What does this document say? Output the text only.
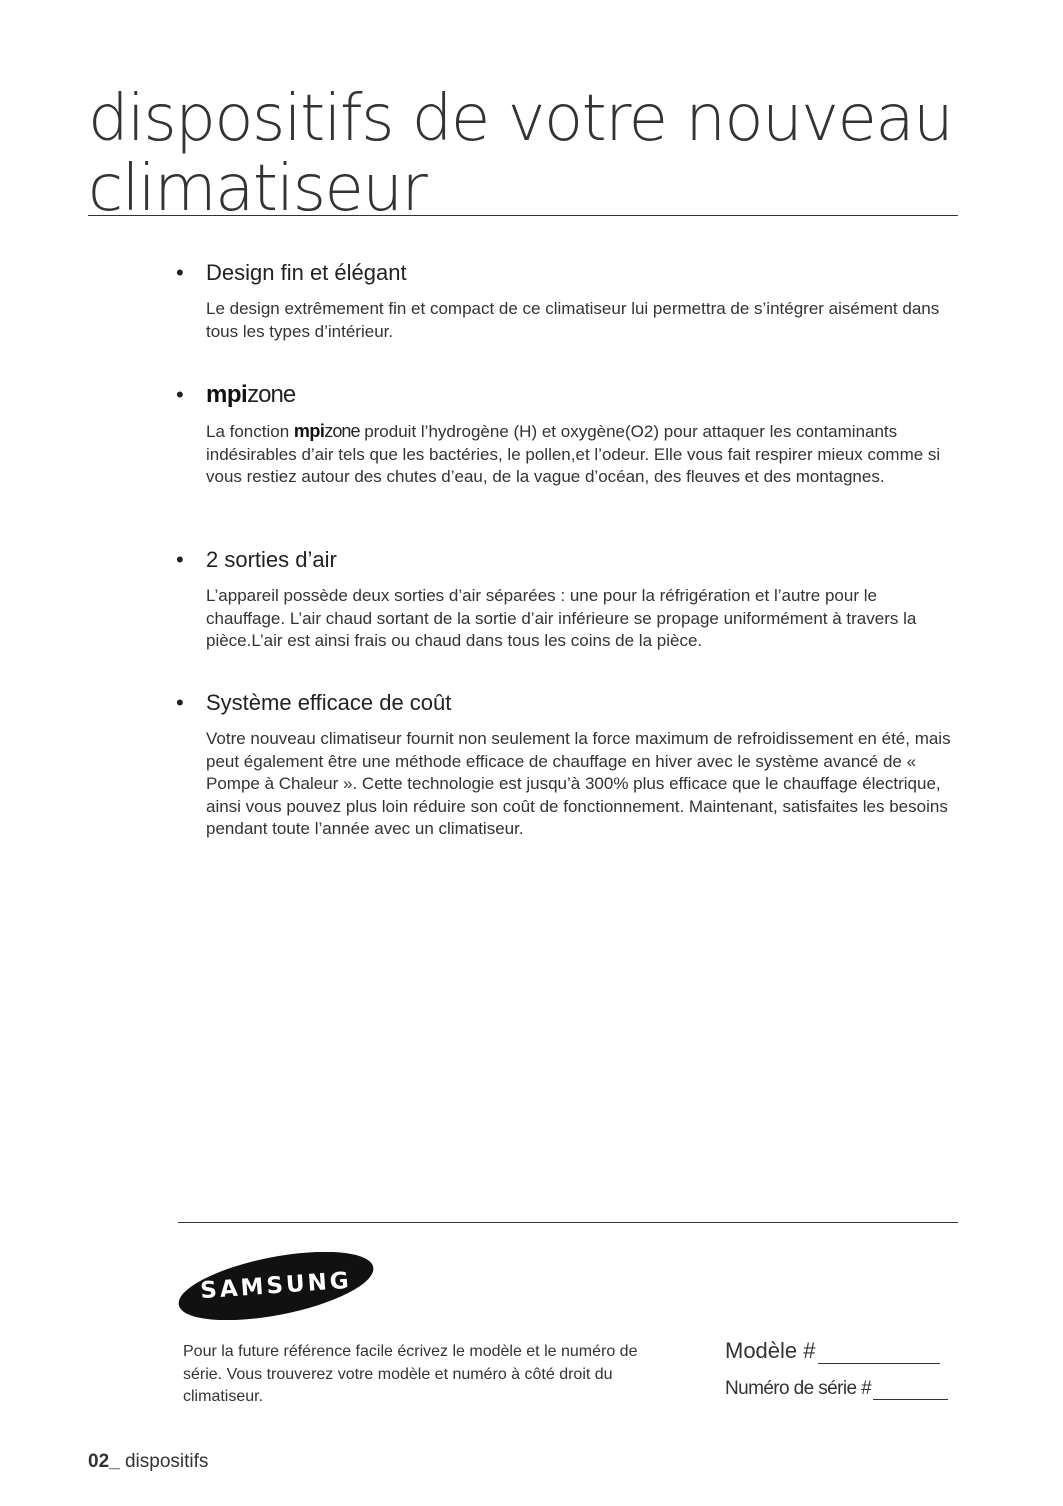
dispositifs de votre nouveau climatiseur
•	Design fin et élégant
Le design extrêmement fin et compact de ce climatiseur lui permettra de s’intégrer aisément dans tous les types d’intérieur.
• mpi zone
La fonction mpi zone produit l’hydrogène (H) et oxygène(O2) pour attaquer les contaminants indésirables d’air tels que les bactéries, le pollen,et l’odeur. Elle vous fait respirer mieux comme si vous restiez autour des chutes d’eau, de la vague d’océan, des fleuves et des montagnes.
•	2 sorties d’air
L’appareil possède deux sorties d’air séparées : une pour la réfrigération et l’autre pour le chauffage. L’air chaud sortant de la sortie d’air inférieure se propage uniformément à travers la pièce.L’air est ainsi frais ou chaud dans tous les coins de la pièce.
•	Système efficace de coût
Votre nouveau climatiseur fournit non seulement la force maximum de refroidissement en été, mais peut également être une méthode efficace de chauffage en hiver avec le système avancé de « Pompe à Chaleur ». Cette technologie est jusqu’à 300% plus efficace que le chauffage électrique, ainsi vous pouvez plus loin réduire son coût de fonctionnement. Maintenant, satisfaites les besoins pendant toute l’année avec un climatiseur.
SAMSUNG
Pour la future référence facile écrivez le modèle et le numéro de série. Vous trouverez votre modèle et numéro à côté droit du climatiseur.
Modèle #
Numéro de série #
02_ dispositifs
